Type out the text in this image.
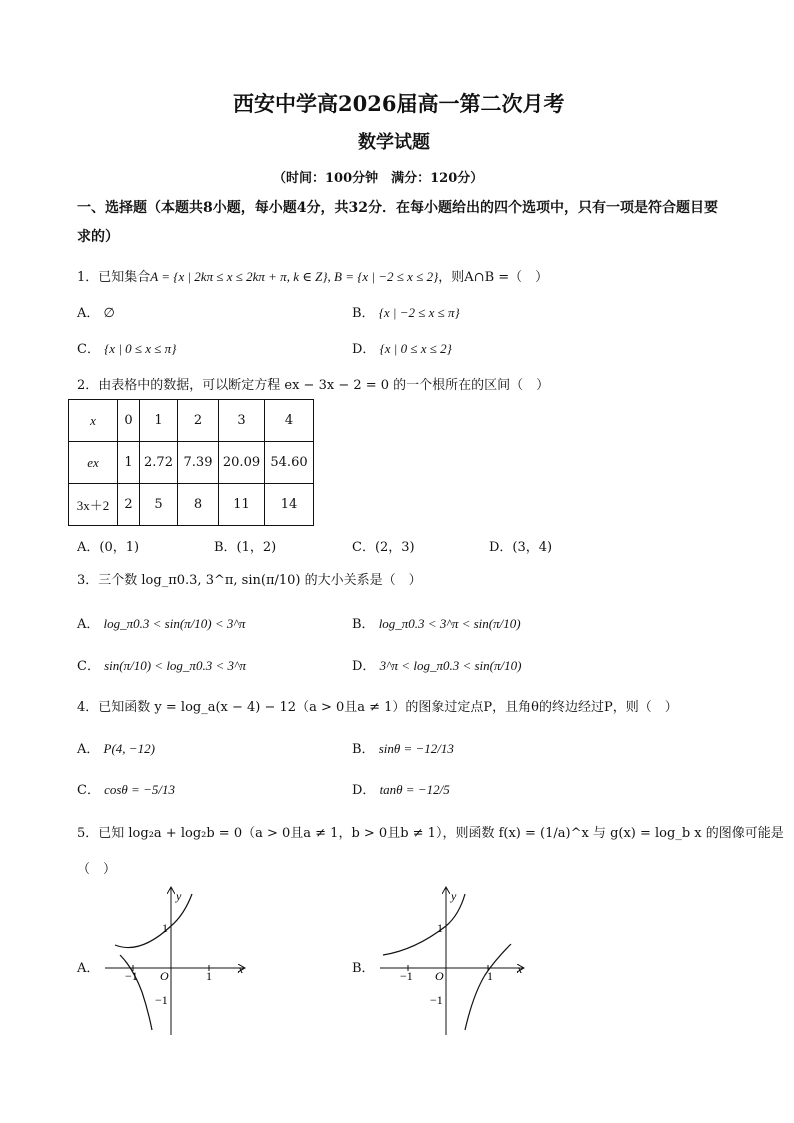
西安中学高2026届高一第二次月考
数学试题
（时间：100分钟　满分：120分）
一、选择题（本题共8小题，每小题4分，共32分．在每小题给出的四个选项中，只有一项是符合题目要求的）
1．已知集合A = {x | 2kπ ≤ x ≤ 2kπ + π, k ∈ Z}, B = {x | −2 ≤ x ≤ 2}，则A∩B =（　）
A． ∅	B． {x | −2 ≤ x ≤ π}
C． {x | 0 ≤ x ≤ π}	D． {x | 0 ≤ x ≤ 2}
2．由表格中的数据，可以断定方程 ex − 3x − 2 = 0 的一个根所在的区间（　）
x	0	1	2	3	4
ex	1	2.72	7.39	20.09	54.60
3x＋2	2	5	8	11	14
A．(0，1)	B．(1，2)	C．(2，3)	D．(3，4)
3．三个数 log_π0.3, 3^π, sin(π/10) 的大小关系是（　）
A． log_π0.3 < sin(π/10) < 3^π	B． log_π0.3 < 3^π < sin(π/10)
C． sin(π/10) < log_π0.3 < 3^π	D． 3^π < log_π0.3 < sin(π/10)
4．已知函数 y = log_a(x − 4) − 12（a > 0且a ≠ 1）的图象过定点P，且角θ的终边经过P，则（　）
A． P(4, −12)	B． sinθ = −12/13
C． cosθ = −5/13	D． tanθ = −12/5
5．已知 log₂a + log₂b = 0（a > 0且a ≠ 1，b > 0且b ≠ 1），则函数 f(x) = (1/a)^x 与 g(x) = log_b x 的图像可能是
（　）
A．	x
y
O	1
−1
1
−1
B．	x
y
O	1
−1
1
−1
